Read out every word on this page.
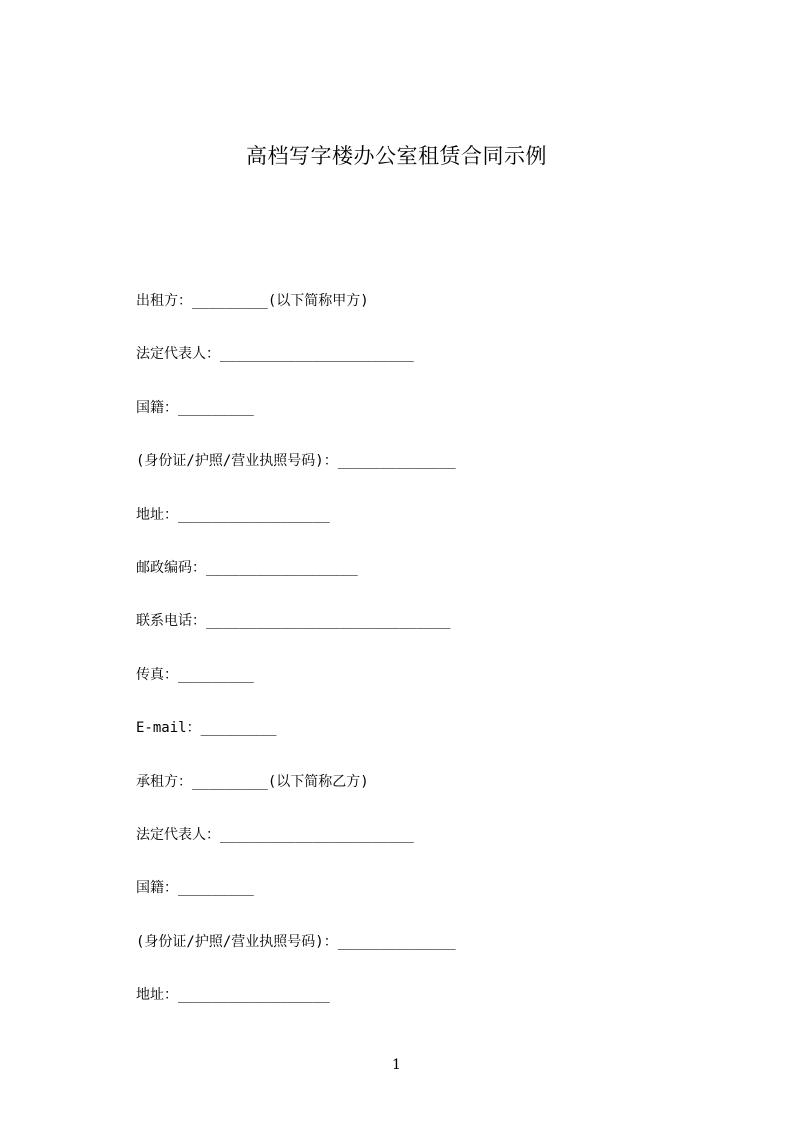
高档写字楼办公室租赁合同示例
出租方：_________(以下简称甲方)
法定代表人：_______________________
国籍：_________
(身份证/护照/营业执照号码)：______________
地址：__________________
邮政编码：__________________
联系电话：_____________________________
传真：_________
E-mail：_________
承租方：_________(以下简称乙方)
法定代表人：_______________________
国籍：_________
(身份证/护照/营业执照号码)：______________
地址：__________________
1
